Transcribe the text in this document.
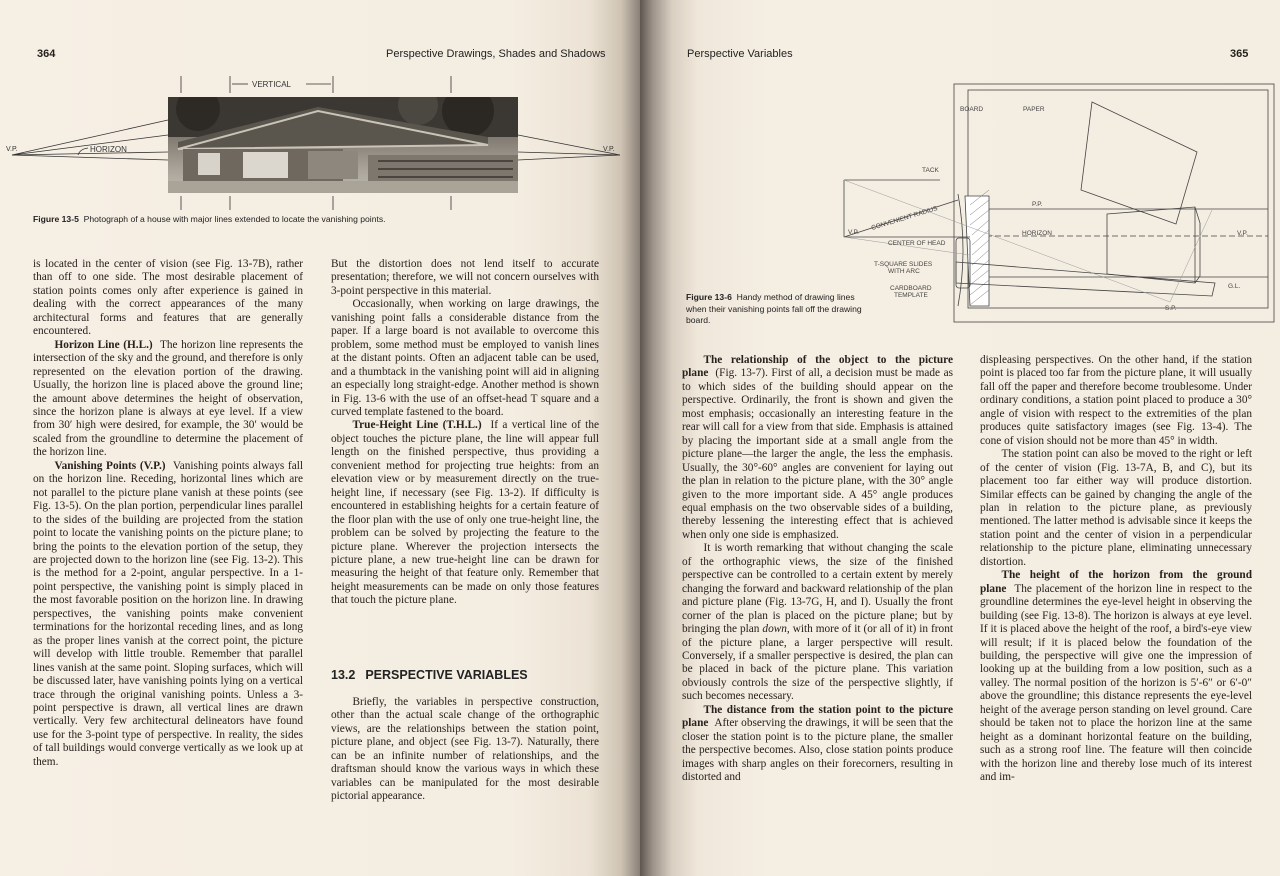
364	Perspective Drawings, Shades and Shadows
VERTICAL
HORIZON
V.P.	V.P.
Figure 13-5 Photograph of a house with major lines extended to locate the vanishing points.

is located in the center of vision (see Fig. 13-7B), rather than off to one side. The most desirable placement of station points comes only after experience is gained in dealing with the correct appearances of the many architectural forms and features that are generally encountered.

Horizon Line (H.L.) The horizon line represents the intersection of the sky and the ground, and therefore is only represented on the elevation portion of the drawing. Usually, the horizon line is placed above the ground line; the amount above determines the height of observation, since the horizon plane is always at eye level. If a view from 30′ high were desired, for example, the 30′ would be scaled from the groundline to determine the placement of the horizon line.

Vanishing Points (V.P.) Vanishing points always fall on the horizon line. Receding, horizontal lines which are not parallel to the picture plane vanish at these points (see Fig. 13-5). On the plan portion, perpendicular lines parallel to the sides of the building are projected from the station point to locate the vanishing points on the picture plane; to bring the points to the elevation portion of the setup, they are projected down to the horizon line (see Fig. 13-2). This is the method for a 2-point, angular perspective. In a 1-point perspective, the vanishing point is simply placed in the most favorable position on the horizon line. In drawing perspectives, the vanishing points make convenient terminations for the horizontal receding lines, and as long as the proper lines vanish at the correct point, the picture will develop with little trouble. Remember that parallel lines vanish at the same point. Sloping surfaces, which will be discussed later, have vanishing points lying on a vertical trace through the original vanishing points. Unless a 3-point perspective is drawn, all vertical lines are drawn vertically. Very few architectural delineators have found use for the 3-point type of perspective. In reality, the sides of tall buildings would converge vertically as we look up at them.

But the distortion does not lend itself to accurate presentation; therefore, we will not concern ourselves with 3-point perspective in this material.

Occasionally, when working on large drawings, the vanishing point falls a considerable distance from the paper. If a large board is not available to overcome this problem, some method must be employed to vanish lines at the distant points. Often an adjacent table can be used, and a thumbtack in the vanishing point will aid in aligning an especially long straight-edge. Another method is shown in Fig. 13-6 with the use of an offset-head T square and a curved template fastened to the board.

True-Height Line (T.H.L.) If a vertical line of the object touches the picture plane, the line will appear full length on the finished perspective, thus providing a convenient method for projecting true heights: from an elevation view or by measurement directly on the true-height line, if necessary (see Fig. 13-2). If difficulty is encountered in establishing heights for a certain feature of the floor plan with the use of only one true-height line, the problem can be solved by projecting the feature to the picture plane. Wherever the projection intersects the picture plane, a new true-height line can be drawn for measuring the height of that feature only. Remember that height measurements can be made on only those features that touch the picture plane.

13.2 PERSPECTIVE VARIABLES

Briefly, the variables in perspective construction, other than the actual scale change of the orthographic views, are the relationships between the station point, picture plane, and object (see Fig. 13-7). Naturally, there can be an infinite number of relationships, and the draftsman should know the various ways in which these variables can be manipulated for the most desirable pictorial appearance.

Perspective Variables	365
BOARD	PAPER
TACK
P.P.
V.P.
CONVENIENT RADIUS
HORIZON	V.P.
CENTER OF HEAD
T-SQUARE SLIDES
WITH ARC
CARDBOARD
TEMPLATE
G.L.
S.P.
Figure 13-6 Handy method of drawing lines when their vanishing points fall off the drawing board.

The relationship of the object to the picture plane (Fig. 13-7). First of all, a decision must be made as to which sides of the building should appear on the perspective. Ordinarily, the front is shown and given the most emphasis; occasionally an interesting feature in the rear will call for a view from that side. Emphasis is attained by placing the important side at a small angle from the picture plane—the larger the angle, the less the emphasis. Usually, the 30°-60° angles are convenient for laying out the plan in relation to the picture plane, with the 30° angle given to the more important side. A 45° angle produces equal emphasis on the two observable sides of a building, thereby lessening the interesting effect that is achieved when only one side is emphasized.

It is worth remarking that without changing the scale of the orthographic views, the size of the finished perspective can be controlled to a certain extent by merely changing the forward and backward relationship of the plan and picture plane (Fig. 13-7G, H, and I). Usually the front corner of the plan is placed on the picture plane; but by bringing the plan down, with more of it (or all of it) in front of the picture plane, a larger perspective will result. Conversely, if a smaller perspective is desired, the plan can be placed in back of the picture plane. This variation obviously controls the size of the perspective slightly, if such becomes necessary.

The distance from the station point to the picture plane After observing the drawings, it will be seen that the closer the station point is to the picture plane, the smaller the perspective becomes. Also, close station points produce images with sharp angles on their forecorners, resulting in distorted and

displeasing perspectives. On the other hand, if the station point is placed too far from the picture plane, it will usually fall off the paper and therefore become troublesome. Under ordinary conditions, a station point placed to produce a 30° angle of vision with respect to the extremities of the plan produces quite satisfactory images (see Fig. 13-4). The cone of vision should not be more than 45° in width.

The station point can also be moved to the right or left of the center of vision (Fig. 13-7A, B, and C), but its placement too far either way will produce distortion. Similar effects can be gained by changing the angle of the plan in relation to the picture plane, as previously mentioned. The latter method is advisable since it keeps the station point and the center of vision in a perpendicular relationship to the picture plane, eliminating unnecessary distortion.

The height of the horizon from the ground plane The placement of the horizon line in respect to the groundline determines the eye-level height in observing the building (see Fig. 13-8). The horizon is always at eye level. If it is placed above the height of the roof, a bird's-eye view will result; if it is placed below the foundation of the building, the perspective will give one the impression of looking up at the building from a low position, such as a valley. The normal position of the horizon is 5′-6″ or 6′-0″ above the groundline; this distance represents the eye-level height of the average person standing on level ground. Care should be taken not to place the horizon line at the same height as a dominant horizontal feature on the building, such as a strong roof line. The feature will then coincide with the horizon line and thereby lose much of its interest and im-
